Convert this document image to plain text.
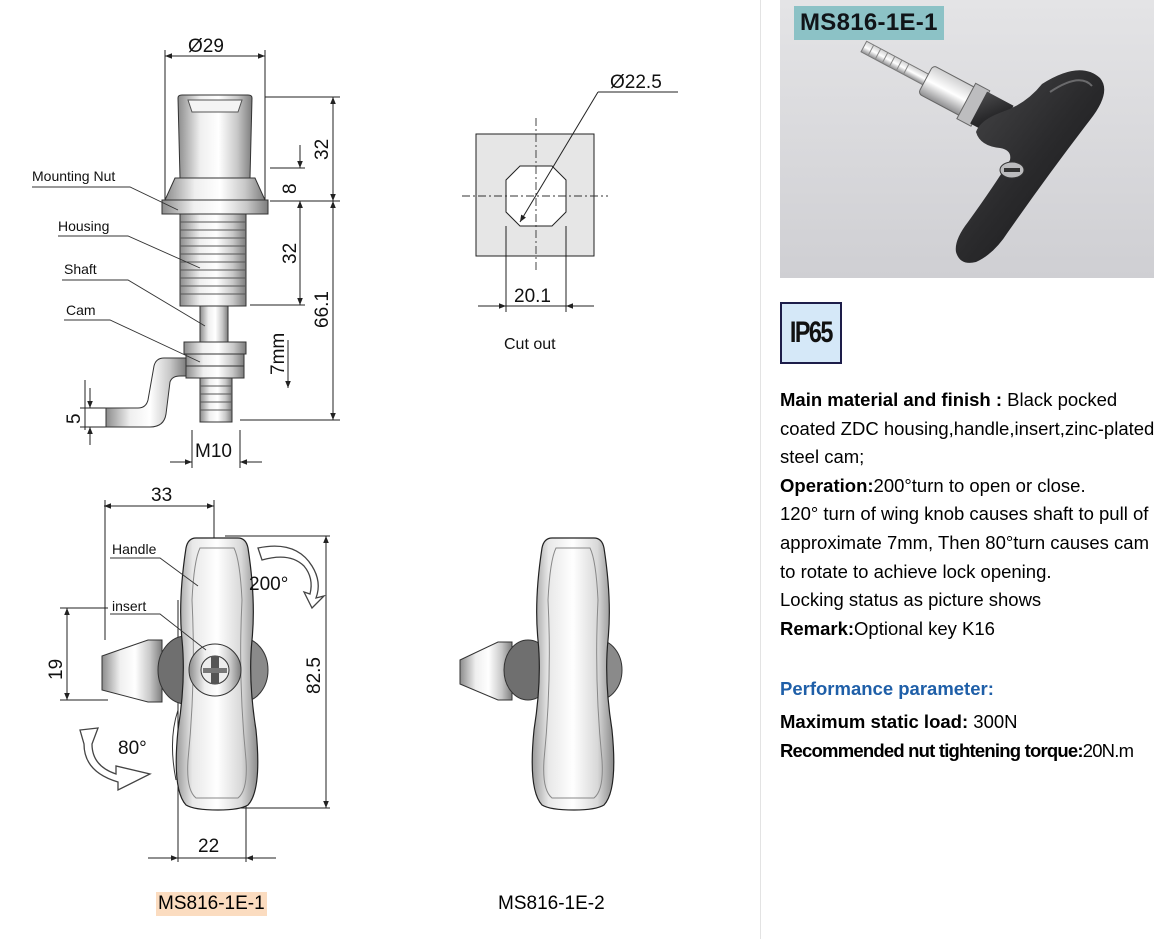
Mounting Nut
Housing
Shaft
Cam
Ø29
32
8
32
66.1
7mm
5
M10
Ø22.5
20.1
Cut out
33
19	82.5
22
200°
80°
Handle
insert
MS816-1E-1	MS816-1E-2
MS816-1E-1
IP65

Main material and finish : Black pocked coated ZDC housing,handle,insert,zinc-plated steel cam;

Operation:200°turn to open or close.

120° turn of wing knob causes shaft to pull of approximate 7mm, Then 80°turn causes cam to rotate to achieve lock opening.

Locking status as picture shows

Remark:Optional key K16

Performance parameter:

Maximum static load: 300N

Recommended nut tightening torque:20N.m
